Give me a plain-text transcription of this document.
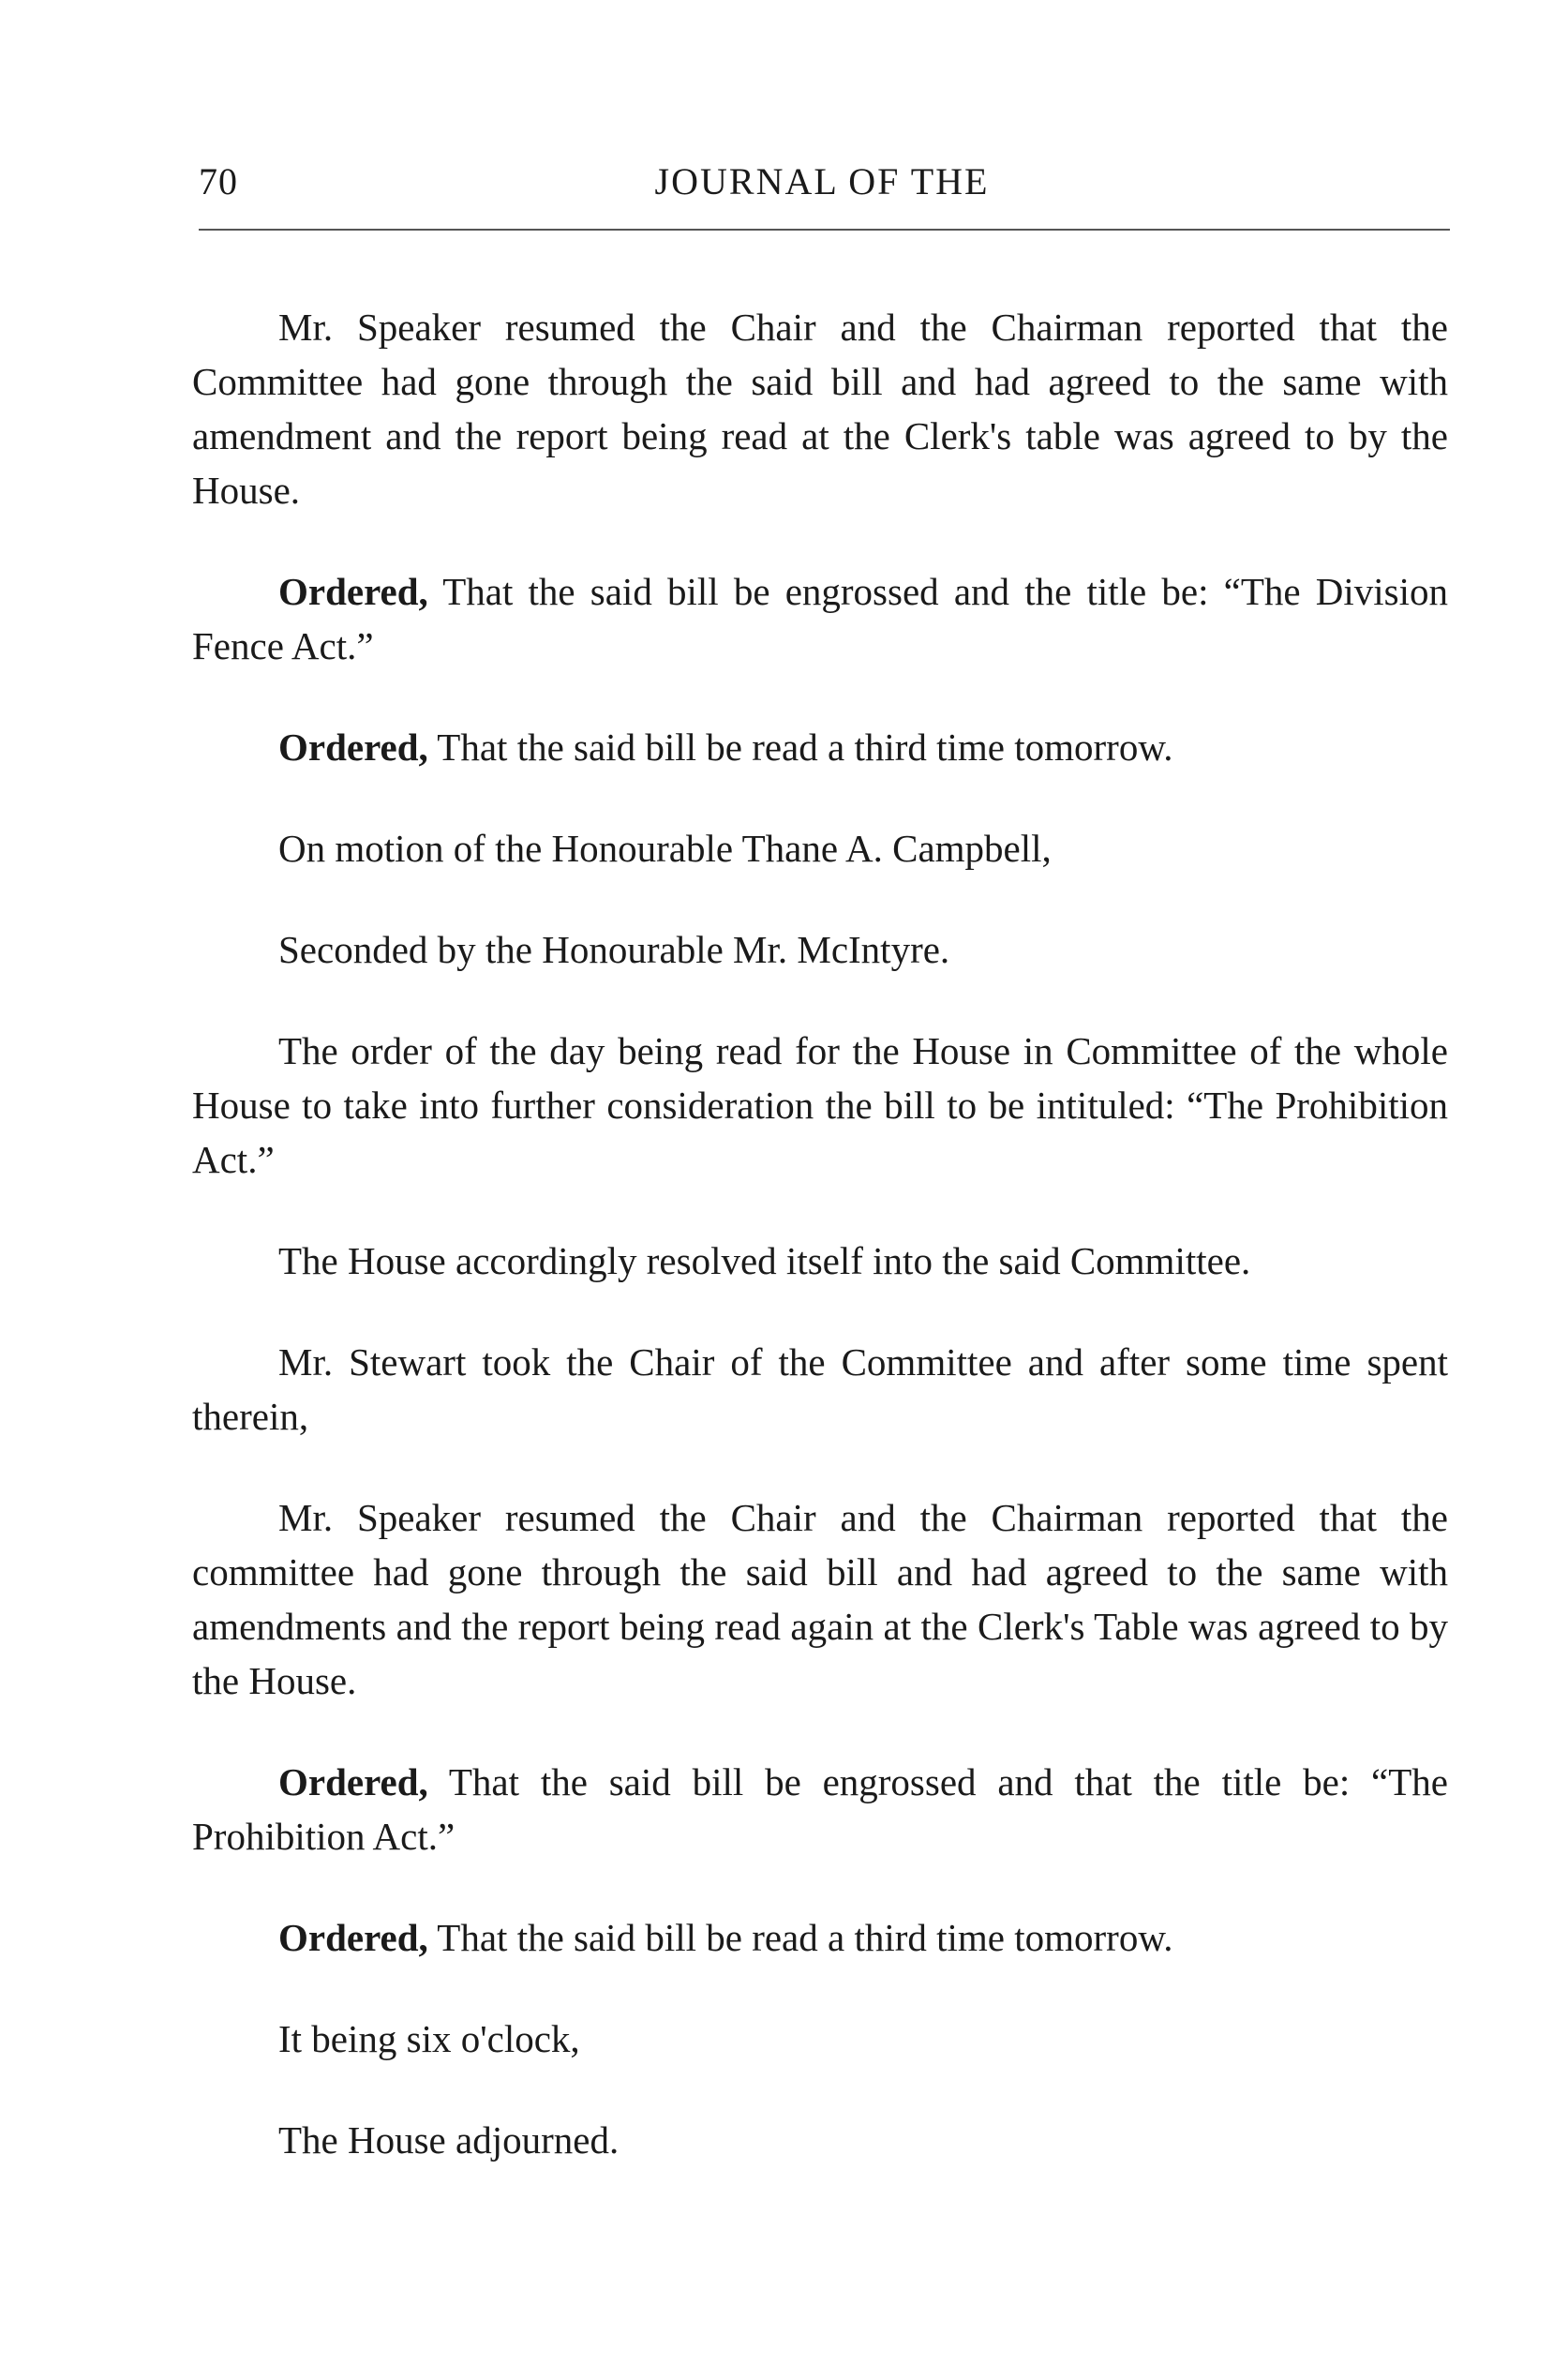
70	JOURNAL OF THE

Mr. Speaker resumed the Chair and the Chairman reported that the Committee had gone through the said bill and had agreed to the same with amendment and the report being read at the Clerk's table was agreed to by the House.

Ordered, That the said bill be engrossed and the title be: “The Division Fence Act.”

Ordered, That the said bill be read a third time tomorrow.

On motion of the Honourable Thane A. Campbell,

Seconded by the Honourable Mr. McIntyre.

The order of the day being read for the House in Committee of the whole House to take into further consideration the bill to be intituled: “The Prohibition Act.”

The House accordingly resolved itself into the said Committee.

Mr. Stewart took the Chair of the Committee and after some time spent therein,

Mr. Speaker resumed the Chair and the Chairman reported that the committee had gone through the said bill and had agreed to the same with amendments and the report being read again at the Clerk's Table was agreed to by the House.

Ordered, That the said bill be engrossed and that the title be: “The Prohibition Act.”

Ordered, That the said bill be read a third time tomorrow.

It being six o'clock,

The House adjourned.
